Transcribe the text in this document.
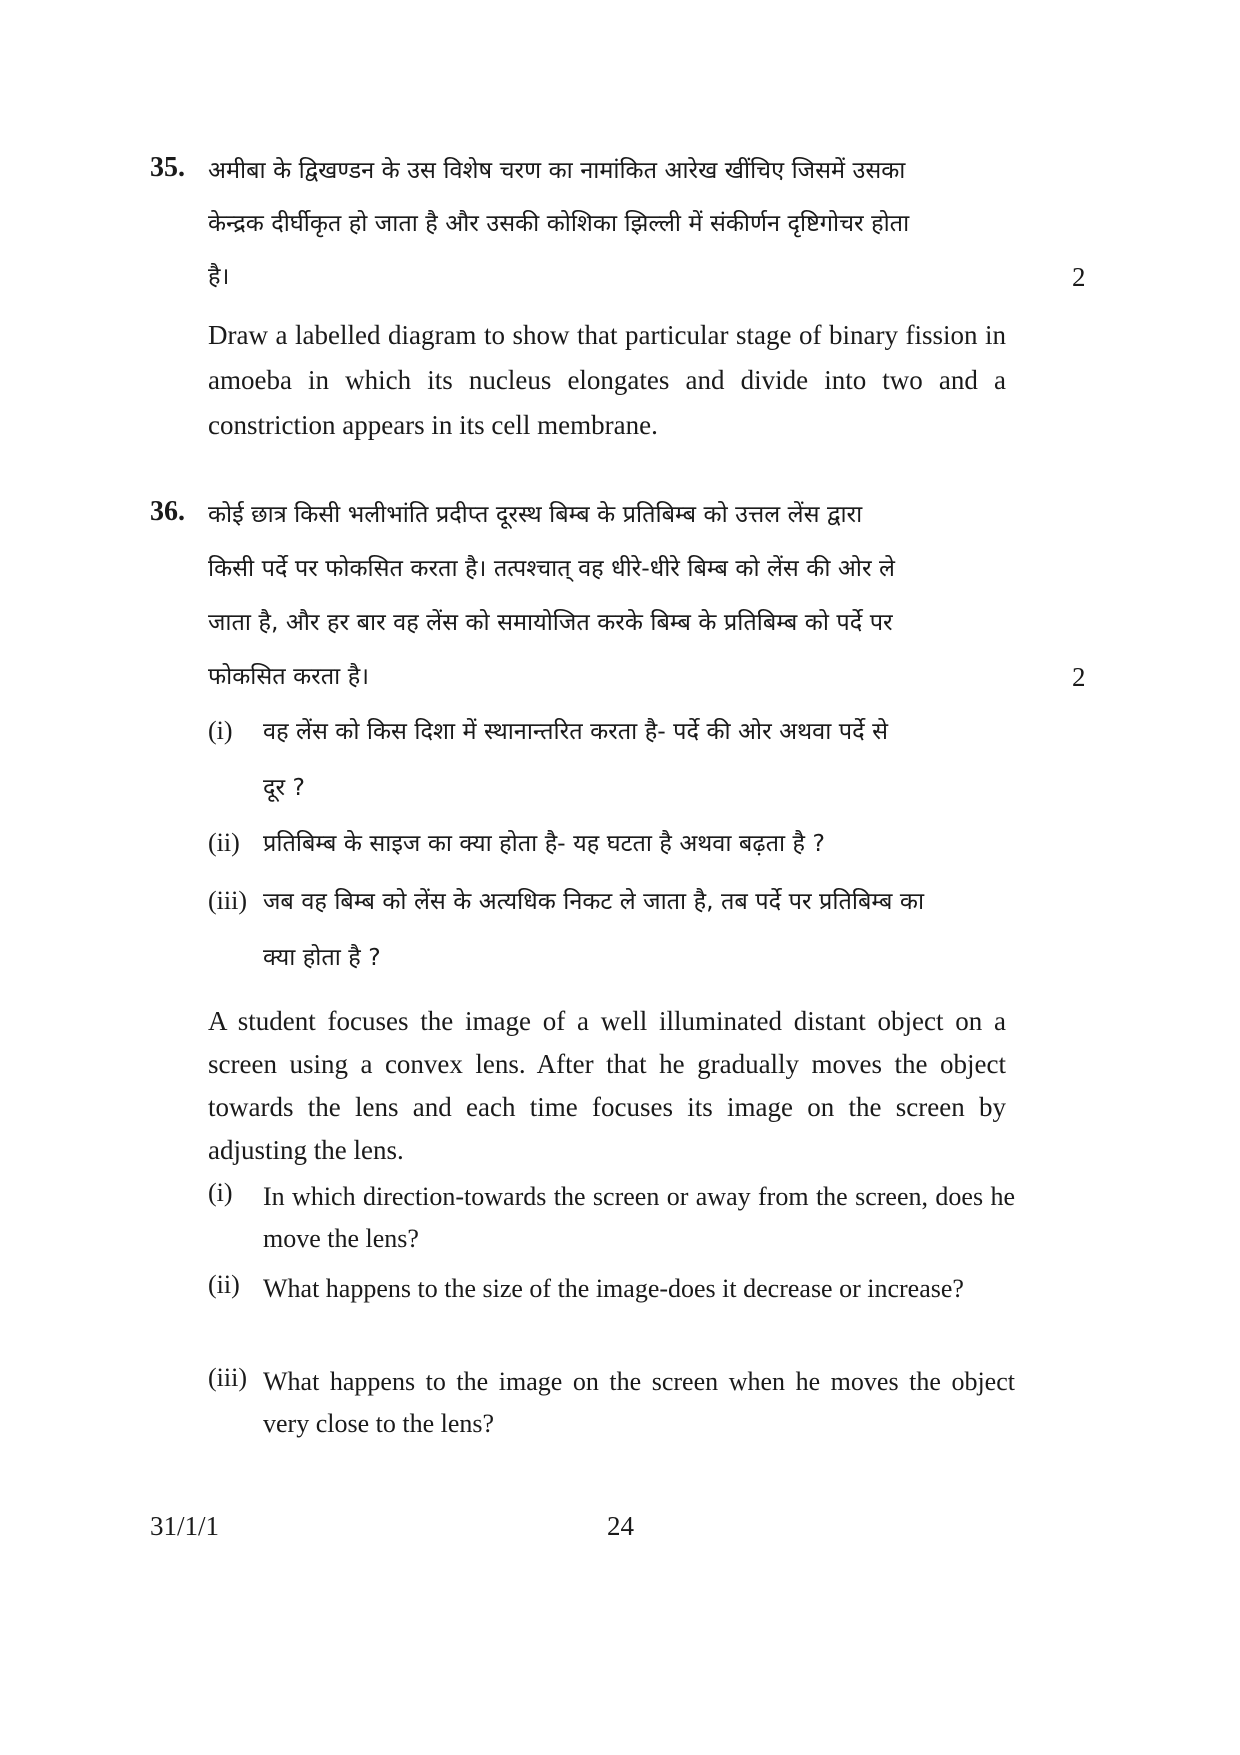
35. अमीबा के द्विखण्डन के उस विशेष चरण का नामांकित आरेख खींचिए जिसमें उसका
केन्द्रक दीर्घीकृत हो जाता है और उसकी कोशिका झिल्ली में संकीर्णन दृष्टिगोचर होता
है।	2

Draw a labelled diagram to show that particular stage of binary fission in amoeba in which its nucleus elongates and divide into two and a constriction appears in its cell membrane.

36. कोई छात्र किसी भलीभांति प्रदीप्त दूरस्थ बिम्ब के प्रतिबिम्ब को उत्तल लेंस द्वारा
किसी पर्दे पर फोकसित करता है। तत्पश्चात् वह धीरे-धीरे बिम्ब को लेंस की ओर ले
जाता है, और हर बार वह लेंस को समायोजित करके बिम्ब के प्रतिबिम्ब को पर्दे पर
फोकसित करता है।	2
(i) वह लेंस को किस दिशा में स्थानान्तरित करता है- पर्दे की ओर अथवा पर्दे से
दूर ?
(ii) प्रतिबिम्ब के साइज का क्या होता है- यह घटता है अथवा बढ़ता है ?
(iii) जब वह बिम्ब को लेंस के अत्यधिक निकट ले जाता है, तब पर्दे पर प्रतिबिम्ब का
क्या होता है ?

A student focuses the image of a well illuminated distant object on a screen using a convex lens. After that he gradually moves the object towards the lens and each time focuses its image on the screen by adjusting the lens.

(i) In which direction-towards the screen or away from the screen, does he move the lens?
(ii) What happens to the size of the image-does it decrease or increase?
(iii) What happens to the image on the screen when he moves the object very close to the lens?
31/1/1	24
